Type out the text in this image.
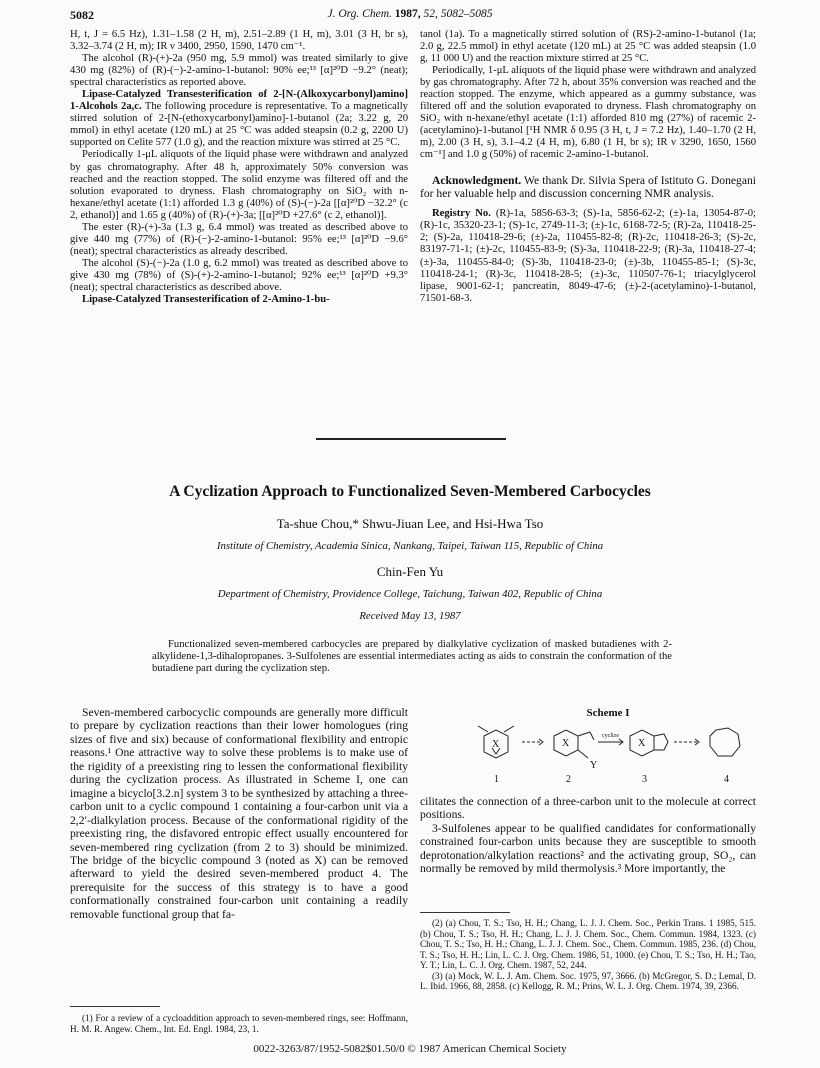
5082	J. Org. Chem. 1987, 52, 5082–5085

H, t, J = 6.5 Hz), 1.31–1.58 (2 H, m), 2.51–2.89 (1 H, m), 3.01 (3 H, br s), 3.32–3.74 (2 H, m); IR ν 3400, 2950, 1590, 1470 cm⁻¹.

The alcohol (R)-(+)-2a (950 mg, 5.9 mmol) was treated similarly to give 430 mg (82%) of (R)-(−)-2-amino-1-butanol: 90% ee;¹³ [α]²⁰D −9.2° (neat); spectral characteristics as reported above.

Lipase-Catalyzed Transesterification of 2-[N-(Alkoxycarbonyl)amino] 1-Alcohols 2a,c. The following procedure is representative. To a magnetically stirred solution of 2-[N-(ethoxycarbonyl)amino]-1-butanol (2a; 3.22 g, 20 mmol) in ethyl acetate (120 mL) at 25 °C was added steapsin (0.2 g, 2200 U) supported on Celite 577 (1.0 g), and the reaction mixture was stirred at 25 °C.

Periodically 1-μL aliquots of the liquid phase were withdrawn and analyzed by gas chromatography. After 48 h, approximately 50% conversion was reached and the reaction stopped. The solid enzyme was filtered off and the solution evaporated to dryness. Flash chromatography on SiO₂ with n-hexane/ethyl acetate (1:1) afforded 1.3 g (40%) of (S)-(−)-2a [[α]²⁰D −32.2° (c 2, ethanol)] and 1.65 g (40%) of (R)-(+)-3a; [[α]²⁰D +27.6° (c 2, ethanol)].

The ester (R)-(+)-3a (1.3 g, 6.4 mmol) was treated as described above to give 440 mg (77%) of (R)-(−)-2-amino-1-butanol: 95% ee;¹³ [α]²⁰D −9.6° (neat); spectral characteristics as already described.

The alcohol (S)-(−)-2a (1.0 g, 6.2 mmol) was treated as described above to give 430 mg (78%) of (S)-(+)-2-amino-1-butanol; 92% ee;¹³ [α]²⁰D +9.3° (neat); spectral characteristics as described above.

Lipase-Catalyzed Transesterification of 2-Amino-1-bu-

tanol (1a). To a magnetically stirred solution of (RS)-2-amino-1-butanol (1a; 2.0 g, 22.5 mmol) in ethyl acetate (120 mL) at 25 °C was added steapsin (1.0 g, 11 000 U) and the reaction mixture stirred at 25 °C.

Periodically, 1-μL aliquots of the liquid phase were withdrawn and analyzed by gas chromatography. After 72 h, about 35% conversion was reached and the reaction stopped. The enzyme, which appeared as a gummy substance, was filtered off and the solution evaporated to dryness. Flash chromatography on SiO₂ with n-hexane/ethyl acetate (1:1) afforded 810 mg (27%) of racemic 2-(acetylamino)-1-butanol [¹H NMR δ 0.95 (3 H, t, J = 7.2 Hz), 1.40–1.70 (2 H, m), 2.00 (3 H, s), 3.1–4.2 (4 H, m), 6.80 (1 H, br s); IR ν 3290, 1650, 1560 cm⁻¹] and 1.0 g (50%) of racemic 2-amino-1-butanol.

Acknowledgment. We thank Dr. Silvia Spera of Istituto G. Donegani for her valuable help and discussion concerning NMR analysis.

Registry No. (R)-1a, 5856-63-3; (S)-1a, 5856-62-2; (±)-1a, 13054-87-0; (R)-1c, 35320-23-1; (S)-1c, 2749-11-3; (±)-1c, 6168-72-5; (R)-2a, 110418-25-2; (S)-2a, 110418-29-6; (±)-2a, 110455-82-8; (R)-2c, 110418-26-3; (S)-2c, 83197-71-1; (±)-2c, 110455-83-9; (S)-3a, 110418-22-9; (R)-3a, 110418-27-4; (±)-3a, 110455-84-0; (S)-3b, 110418-23-0; (±)-3b, 110455-85-1; (S)-3c, 110418-24-1; (R)-3c, 110418-28-5; (±)-3c, 110507-76-1; triacylglycerol lipase, 9001-62-1; pancreatin, 8049-47-6; (±)-2-(acetylamino)-1-butanol, 71501-68-3.

A Cyclization Approach to Functionalized Seven-Membered Carbocycles
Ta-shue Chou,* Shwu-Jiuan Lee, and Hsi-Hwa Tso
Institute of Chemistry, Academia Sinica, Nankang, Taipei, Taiwan 115, Republic of China
Chin-Fen Yu
Department of Chemistry, Providence College, Taichung, Taiwan 402, Republic of China
Received May 13, 1987
Functionalized seven-membered carbocycles are prepared by dialkylative cyclization of masked butadienes with 2-alkylidene-1,3-dihalopropanes. 3-Sulfolenes are essential intermediates acting as aids to constrain the conformation of the butadiene part during the cyclization step.

Seven-membered carbocyclic compounds are generally more difficult to prepare by cyclization reactions than their lower homologues (ring sizes of five and six) because of conformational flexibility and entropic reasons.¹ One attractive way to solve these problems is to make use of the rigidity of a preexisting ring to lessen the conformational flexibility during the cyclization process. As illustrated in Scheme I, one can imagine a bicyclo[3.2.n] system 3 to be synthesized by attaching a three-carbon unit to a cyclic compound 1 containing a four-carbon unit via a 2,2′-dialkylation process. Because of the conformational rigidity of the preexisting ring, the disfavored entropic effect usually encountered for seven-membered ring cyclization (from 2 to 3) should be minimized. The bridge of the bicyclic compound 3 (noted as X) can be removed afterward to yield the desired seven-membered product 4. The prerequisite for the success of this strategy is to have a good conformationally constrained four-carbon unit containing a readily removable functional group that fa-

(1) For a review of a cycloaddition approach to seven-membered rings, see: Hoffmann, H. M. R. Angew. Chem., Int. Ed. Engl. 1984, 23, 1.

Scheme I
X	X	X
Y
cyclize
1	2	3	4

cilitates the connection of a three-carbon unit to the molecule at correct positions.

3-Sulfolenes appear to be qualified candidates for conformationally constrained four-carbon units because they are susceptible to smooth deprotonation/alkylation reactions² and the activating group, SO₂, can normally be removed by mild thermolysis.³ More importantly, the

(2) (a) Chou, T. S.; Tso, H. H.; Chang, L. J. J. Chem. Soc., Perkin Trans. 1 1985, 515. (b) Chou, T. S.; Tso, H. H.; Chang, L. J. J. Chem. Soc., Chem. Commun. 1984, 1323. (c) Chou, T. S.; Tso, H. H.; Chang, L. J. J. Chem. Soc., Chem. Commun. 1985, 236. (d) Chou, T. S.; Tso, H. H.; Lin, L. C. J. Org. Chem. 1986, 51, 1000. (e) Chou, T. S.; Tso, H. H.; Tao, Y. T.; Lin, L. C. J. Org. Chem. 1987, 52, 244.

(3) (a) Mock, W. L. J. Am. Chem. Soc. 1975, 97, 3666. (b) McGregor, S. D.; Lemal, D. L. Ibid. 1966, 88, 2858. (c) Kellogg, R. M.; Prins, W. L. J. Org. Chem. 1974, 39, 2366.

0022-3263/87/1952-5082$01.50/0 © 1987 American Chemical Society
